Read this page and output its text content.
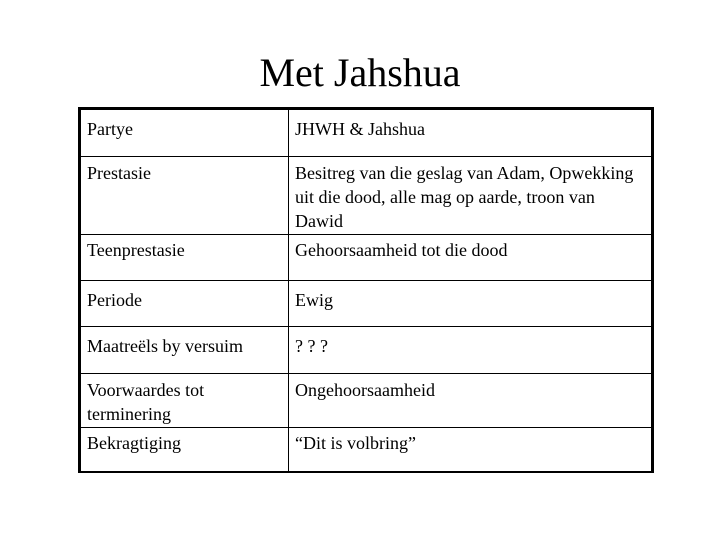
Met Jahshua
Partye	JHWH & Jahshua
Prestasie	Besitreg van die geslag van Adam, Opwekking uit die dood, alle mag op aarde, troon van Dawid
Teenprestasie	Gehoorsaamheid tot die dood
Periode	Ewig
Maatreëls by versuim	? ? ?
Voorwaardes tot terminering	Ongehoorsaamheid
Bekragtiging	“Dit is volbring”
